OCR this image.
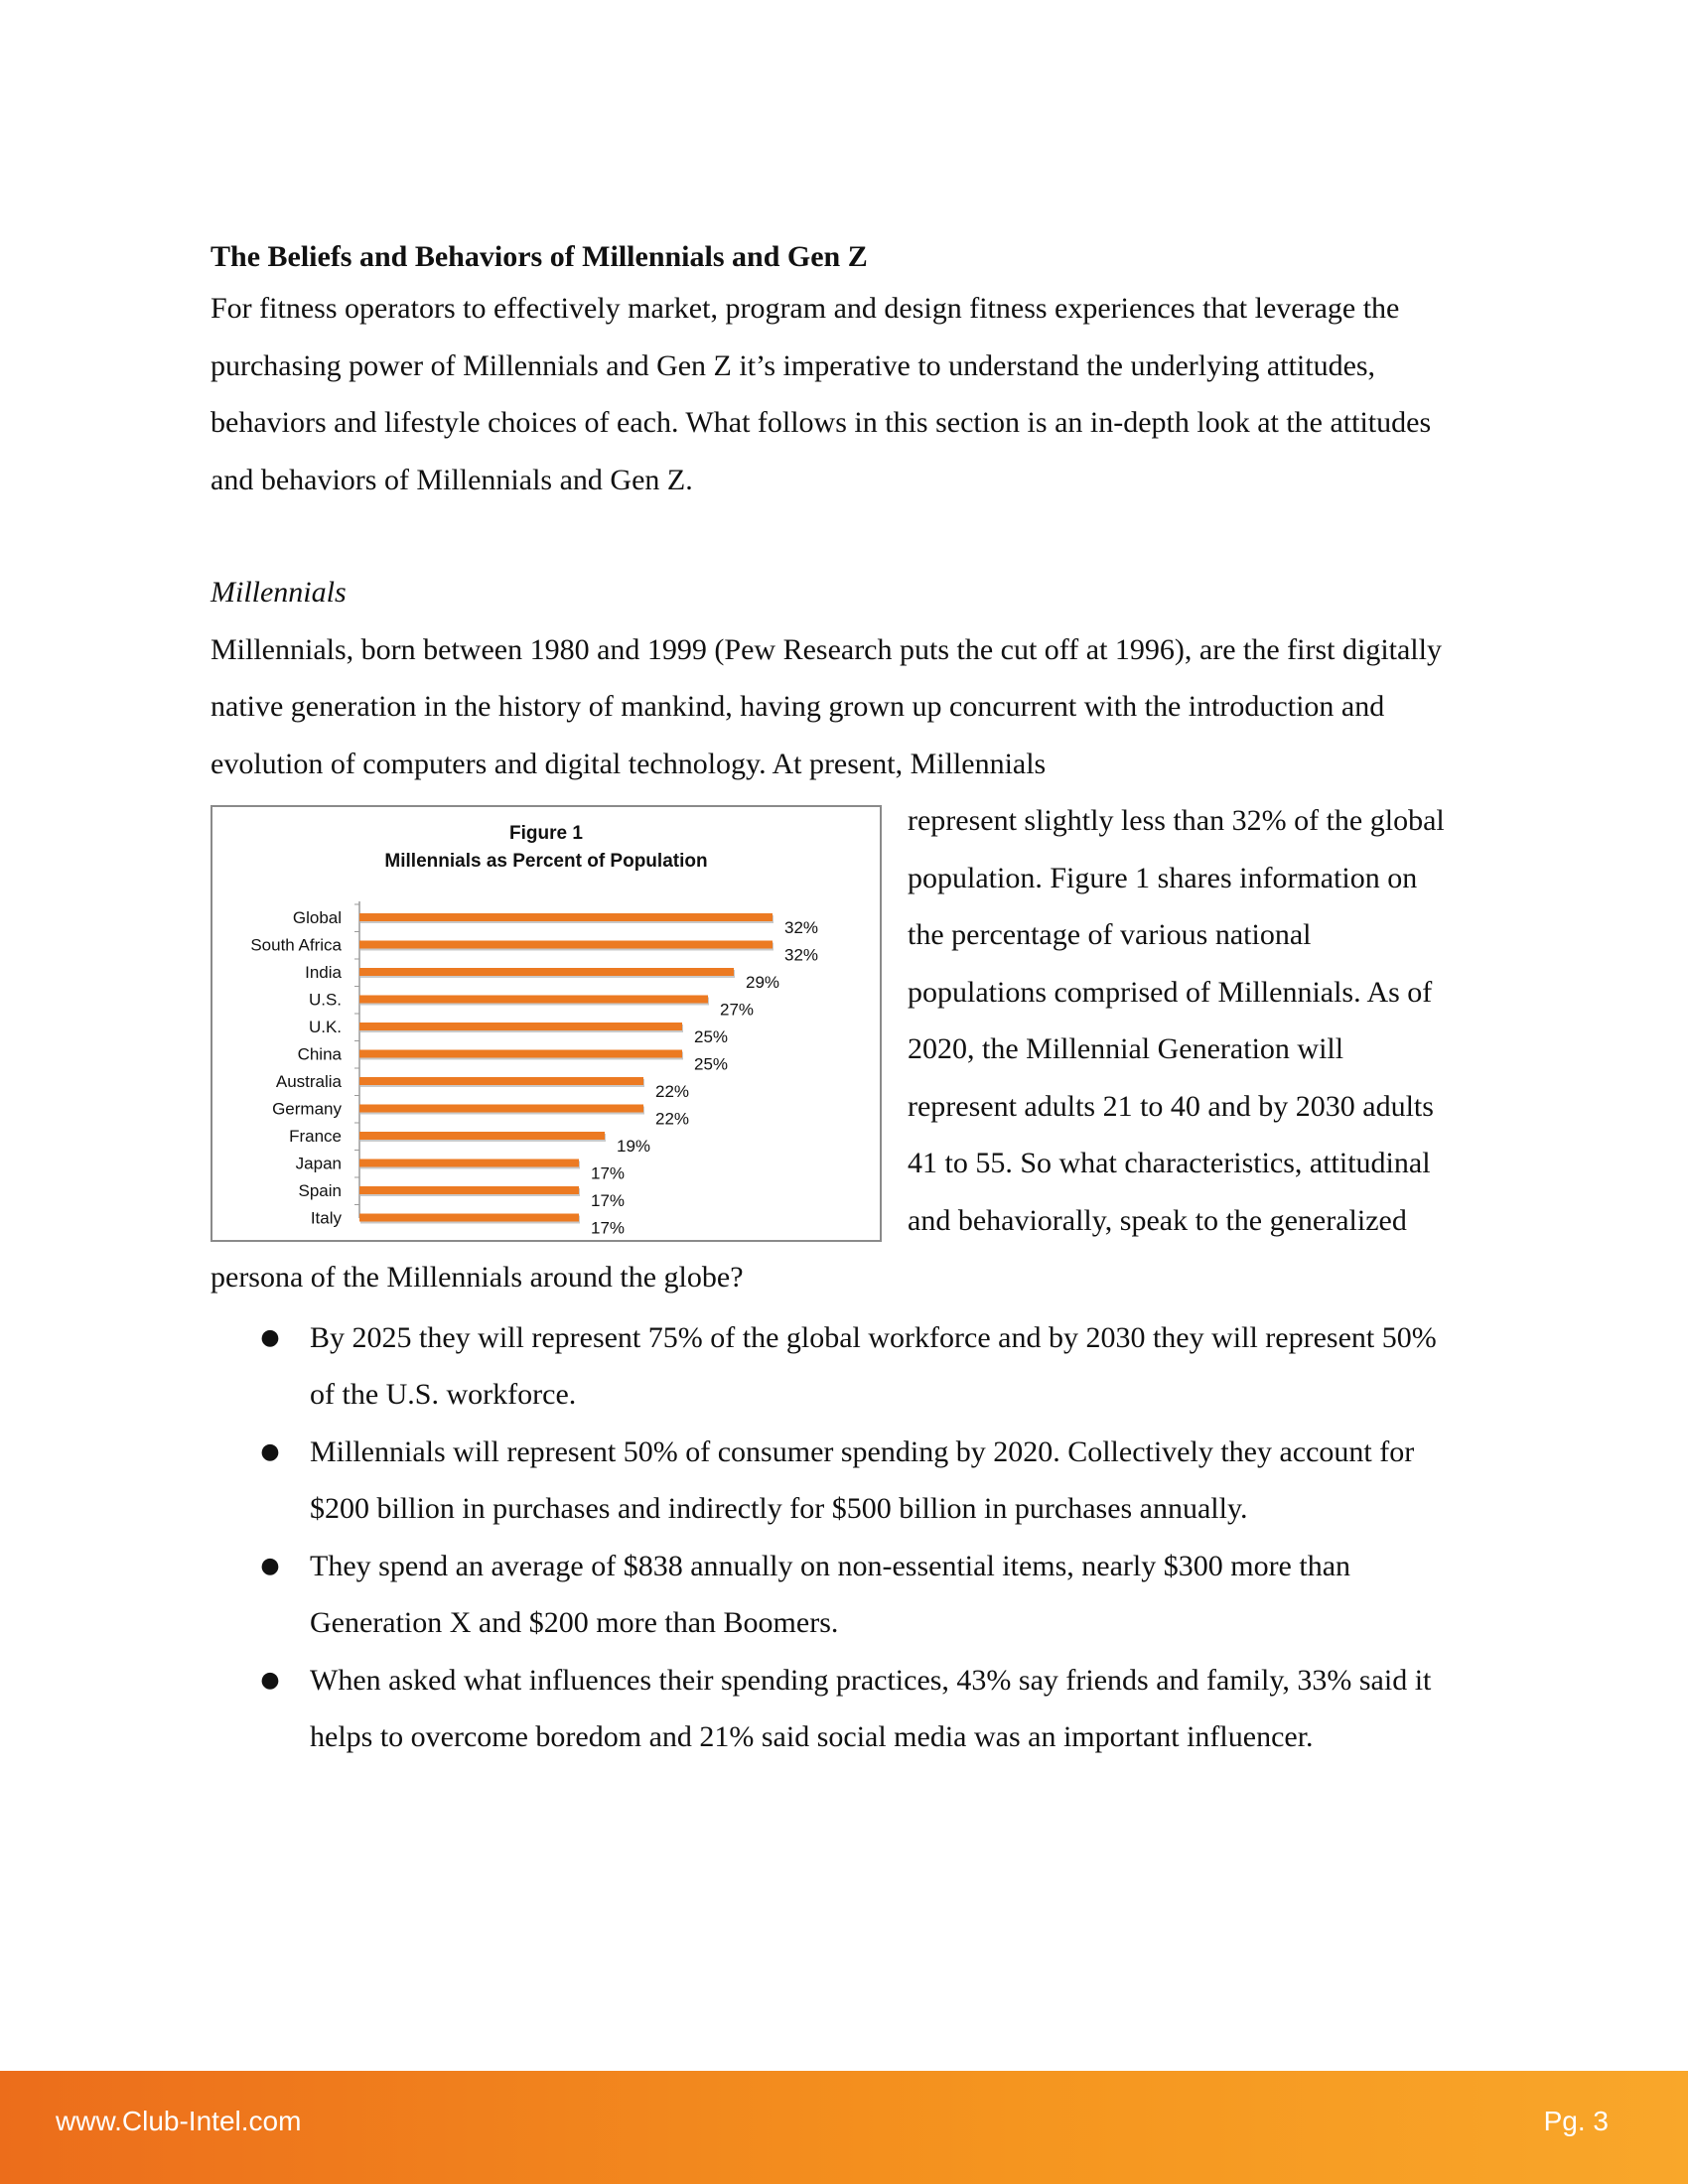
The Beliefs and Behaviors of Millennials and Gen Z

For fitness operators to effectively market, program and design fitness experiences that leverage the purchasing power of Millennials and Gen Z it’s imperative to understand the underlying attitudes, behaviors and lifestyle choices of each. What follows in this section is an in-depth look at the attitudes and behaviors of Millennials and Gen Z.

Millennials

Millennials, born between 1980 and 1999 (Pew Research puts the cut off at 1996), are the first digitally native generation in the history of mankind, having grown up concurrent with the introduction and evolution of computers and digital technology. At present, Millennials

Figure 1
Millennials as Percent of Population
Global
32%
South Africa
32%
India
29%
U.S.
27%
U.K.
25%
China
25%
Australia
22%
Germany
22%
France
19%
Japan
17%
Spain
17%
Italy
17%

represent slightly less than 32% of the global population. Figure 1 shares information on the percentage of various national populations comprised of Millennials. As of 2020, the Millennial Generation will represent adults 21 to 40 and by 2030 adults 41 to 55. So what characteristics, attitudinal and behaviorally, speak to the generalized persona of the Millennials around the globe?

● By 2025 they will represent 75% of the global workforce and by 2030 they will represent 50% of the U.S. workforce.
● Millennials will represent 50% of consumer spending by 2020. Collectively they account for $200 billion in purchases and indirectly for $500 billion in purchases annually.
● They spend an average of $838 annually on non-essential items, nearly $300 more than Generation X and $200 more than Boomers.
● When asked what influences their spending practices, 43% say friends and family, 33% said it helps to overcome boredom and 21% said social media was an important influencer.
www.Club-Intel.com	Pg. 3
